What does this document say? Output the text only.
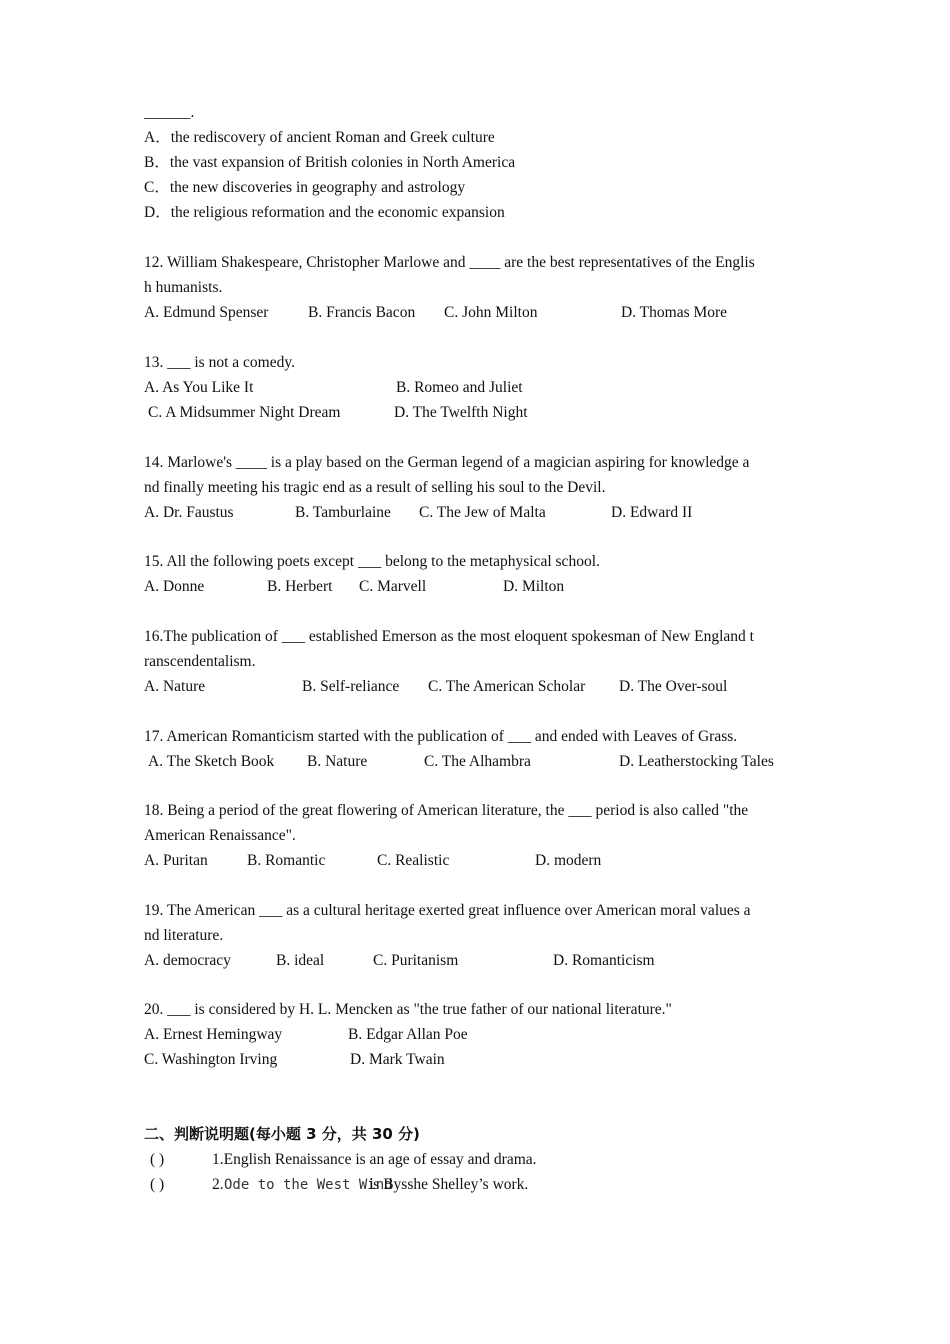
______.
A．the rediscovery of ancient Roman and Greek culture
B．the vast expansion of British colonies in North America
C．the new discoveries in geography and astrology
D．the religious reformation and the economic expansion
12. William Shakespeare, Christopher Marlowe and ____ are the best representatives of the Englis
h humanists.
A. Edmund Spenser	B. Francis Bacon C. John Milton	D. Thomas More
13. ___ is not a comedy.
A. As You Like It	B. Romeo and Juliet
C. A Midsummer Night Dream	D. The Twelfth Night
14. Marlowe's ____ is a play based on the German legend of a magician aspiring for knowledge a
nd finally meeting his tragic end as a result of selling his soul to the Devil.
A. Dr. Faustus	B. Tamburlaine C. The Jew of Malta	D. Edward II
15. All the following poets except ___ belong to the metaphysical school.
A. Donne	B. Herbert C. Marvell	D. Milton
16.The publication of ___ established Emerson as the most eloquent spokesman of New England t
ranscendentalism.
A. Nature	B. Self-reliance C. The American Scholar D. The Over-soul
17. American Romanticism started with the publication of ___ and ended with Leaves of Grass.
A. The Sketch Book B. Nature	C. The Alhambra	D. Leatherstocking Tales
18. Being a period of the great flowering of American literature, the ___ period is also called "the
American Renaissance".
A. Puritan	B. Romantic	C. Realistic	D. modern
19. The American ___ as a cultural heritage exerted great influence over American moral values a
nd literature.
A. democracy	B. ideal	C. Puritanism	D. Romanticism
20. ___ is considered by H. L. Mencken as "the true father of our national literature."
A. Ernest Hemingway	B. Edgar Allan Poe
C. Washington Irving	D. Mark Twain
二、判断说明题(每小题 3 分，共 30 分)
( )	1.English Renaissance is an age of essay and drama.
( )	2. Ode to the West Wind
is Bysshe Shelley’s work.
